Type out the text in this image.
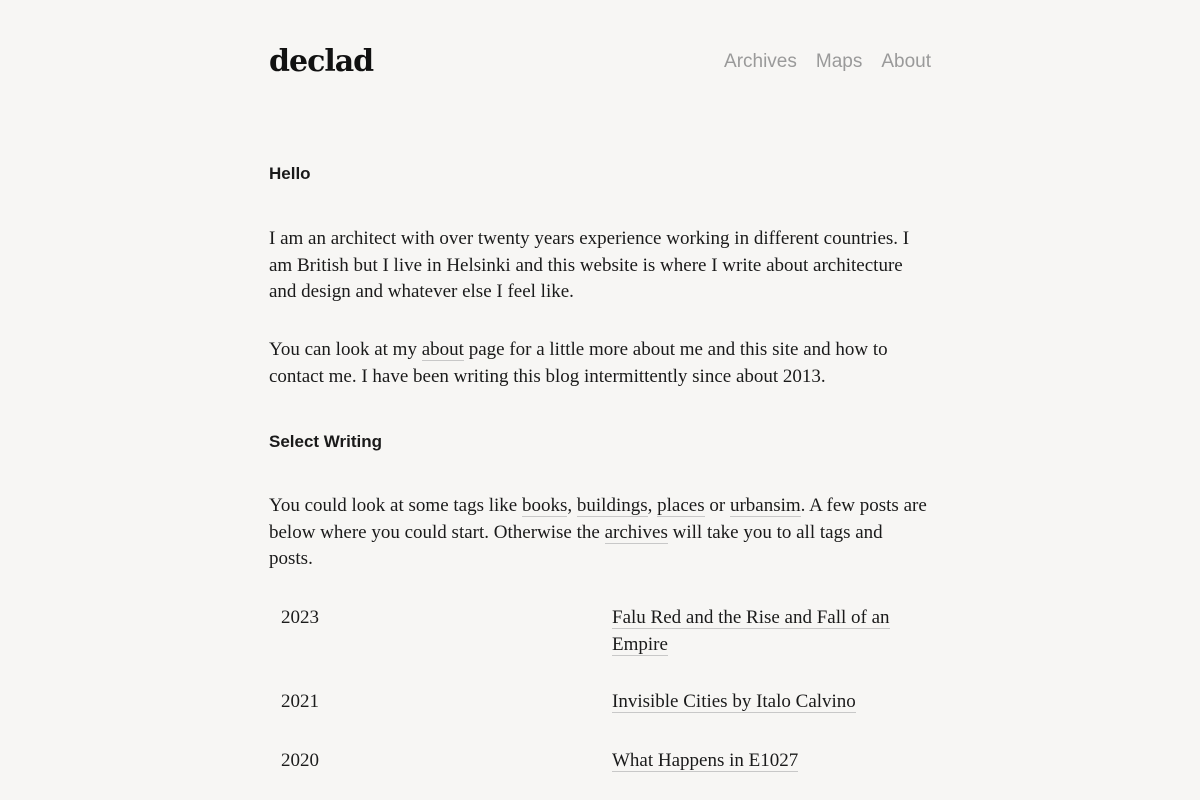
declad	Archives Maps About
Hello

I am an architect with over twenty years experience working in different countries. I am British but I live in Helsinki and this website is where I write about architecture and design and whatever else I feel like.

You can look at my about page for a little more about me and this site and how to contact me. I have been writing this blog intermittently since about 2013.

Select Writing

You could look at some tags like books, buildings, places or urbansim. A few posts are below where you could start. Otherwise the archives will take you to all tags and posts.

2023	Falu Red and the Rise and Fall of an Empire
2021	Invisible Cities by Italo Calvino
2020	What Happens in E1027
